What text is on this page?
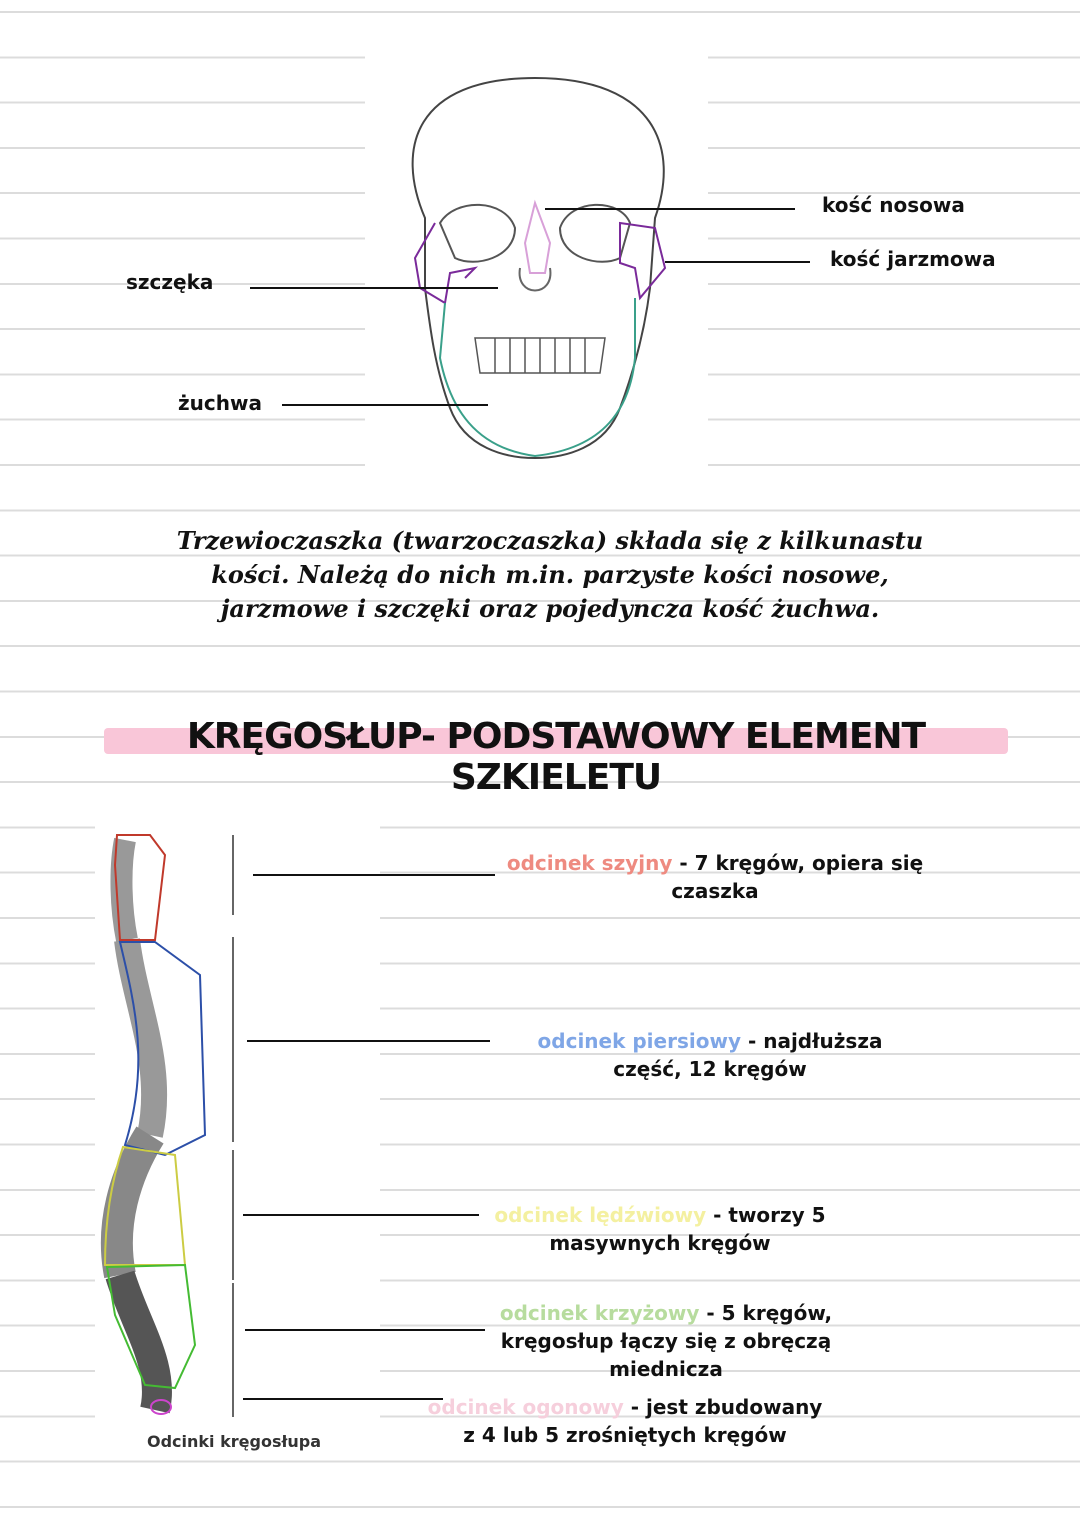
kość nosowa
kość jarzmowa
szczęka
żuchwa
Trzewioczaszka (twarzoczaszka) składa się z kilkunastu
kości. Należą do nich m.in. parzyste kości nosowe,
jarzmowe i szczęki oraz pojedyncza kość żuchwa.
KRĘGOSŁUP- PODSTAWOWY ELEMENT SZKIELETU
Odcinki kręgosłupa
odcinek szyjny - 7 kręgów, opiera się
czaszka
odcinek piersiowy - najdłuższa
część, 12 kręgów
odcinek lędźwiowy - tworzy 5
masywnych kręgów
odcinek krzyżowy - 5 kręgów,
kręgosłup łączy się z obręczą
miednicza
odcinek ogonowy - jest zbudowany
z 4 lub 5 zrośniętych kręgów
